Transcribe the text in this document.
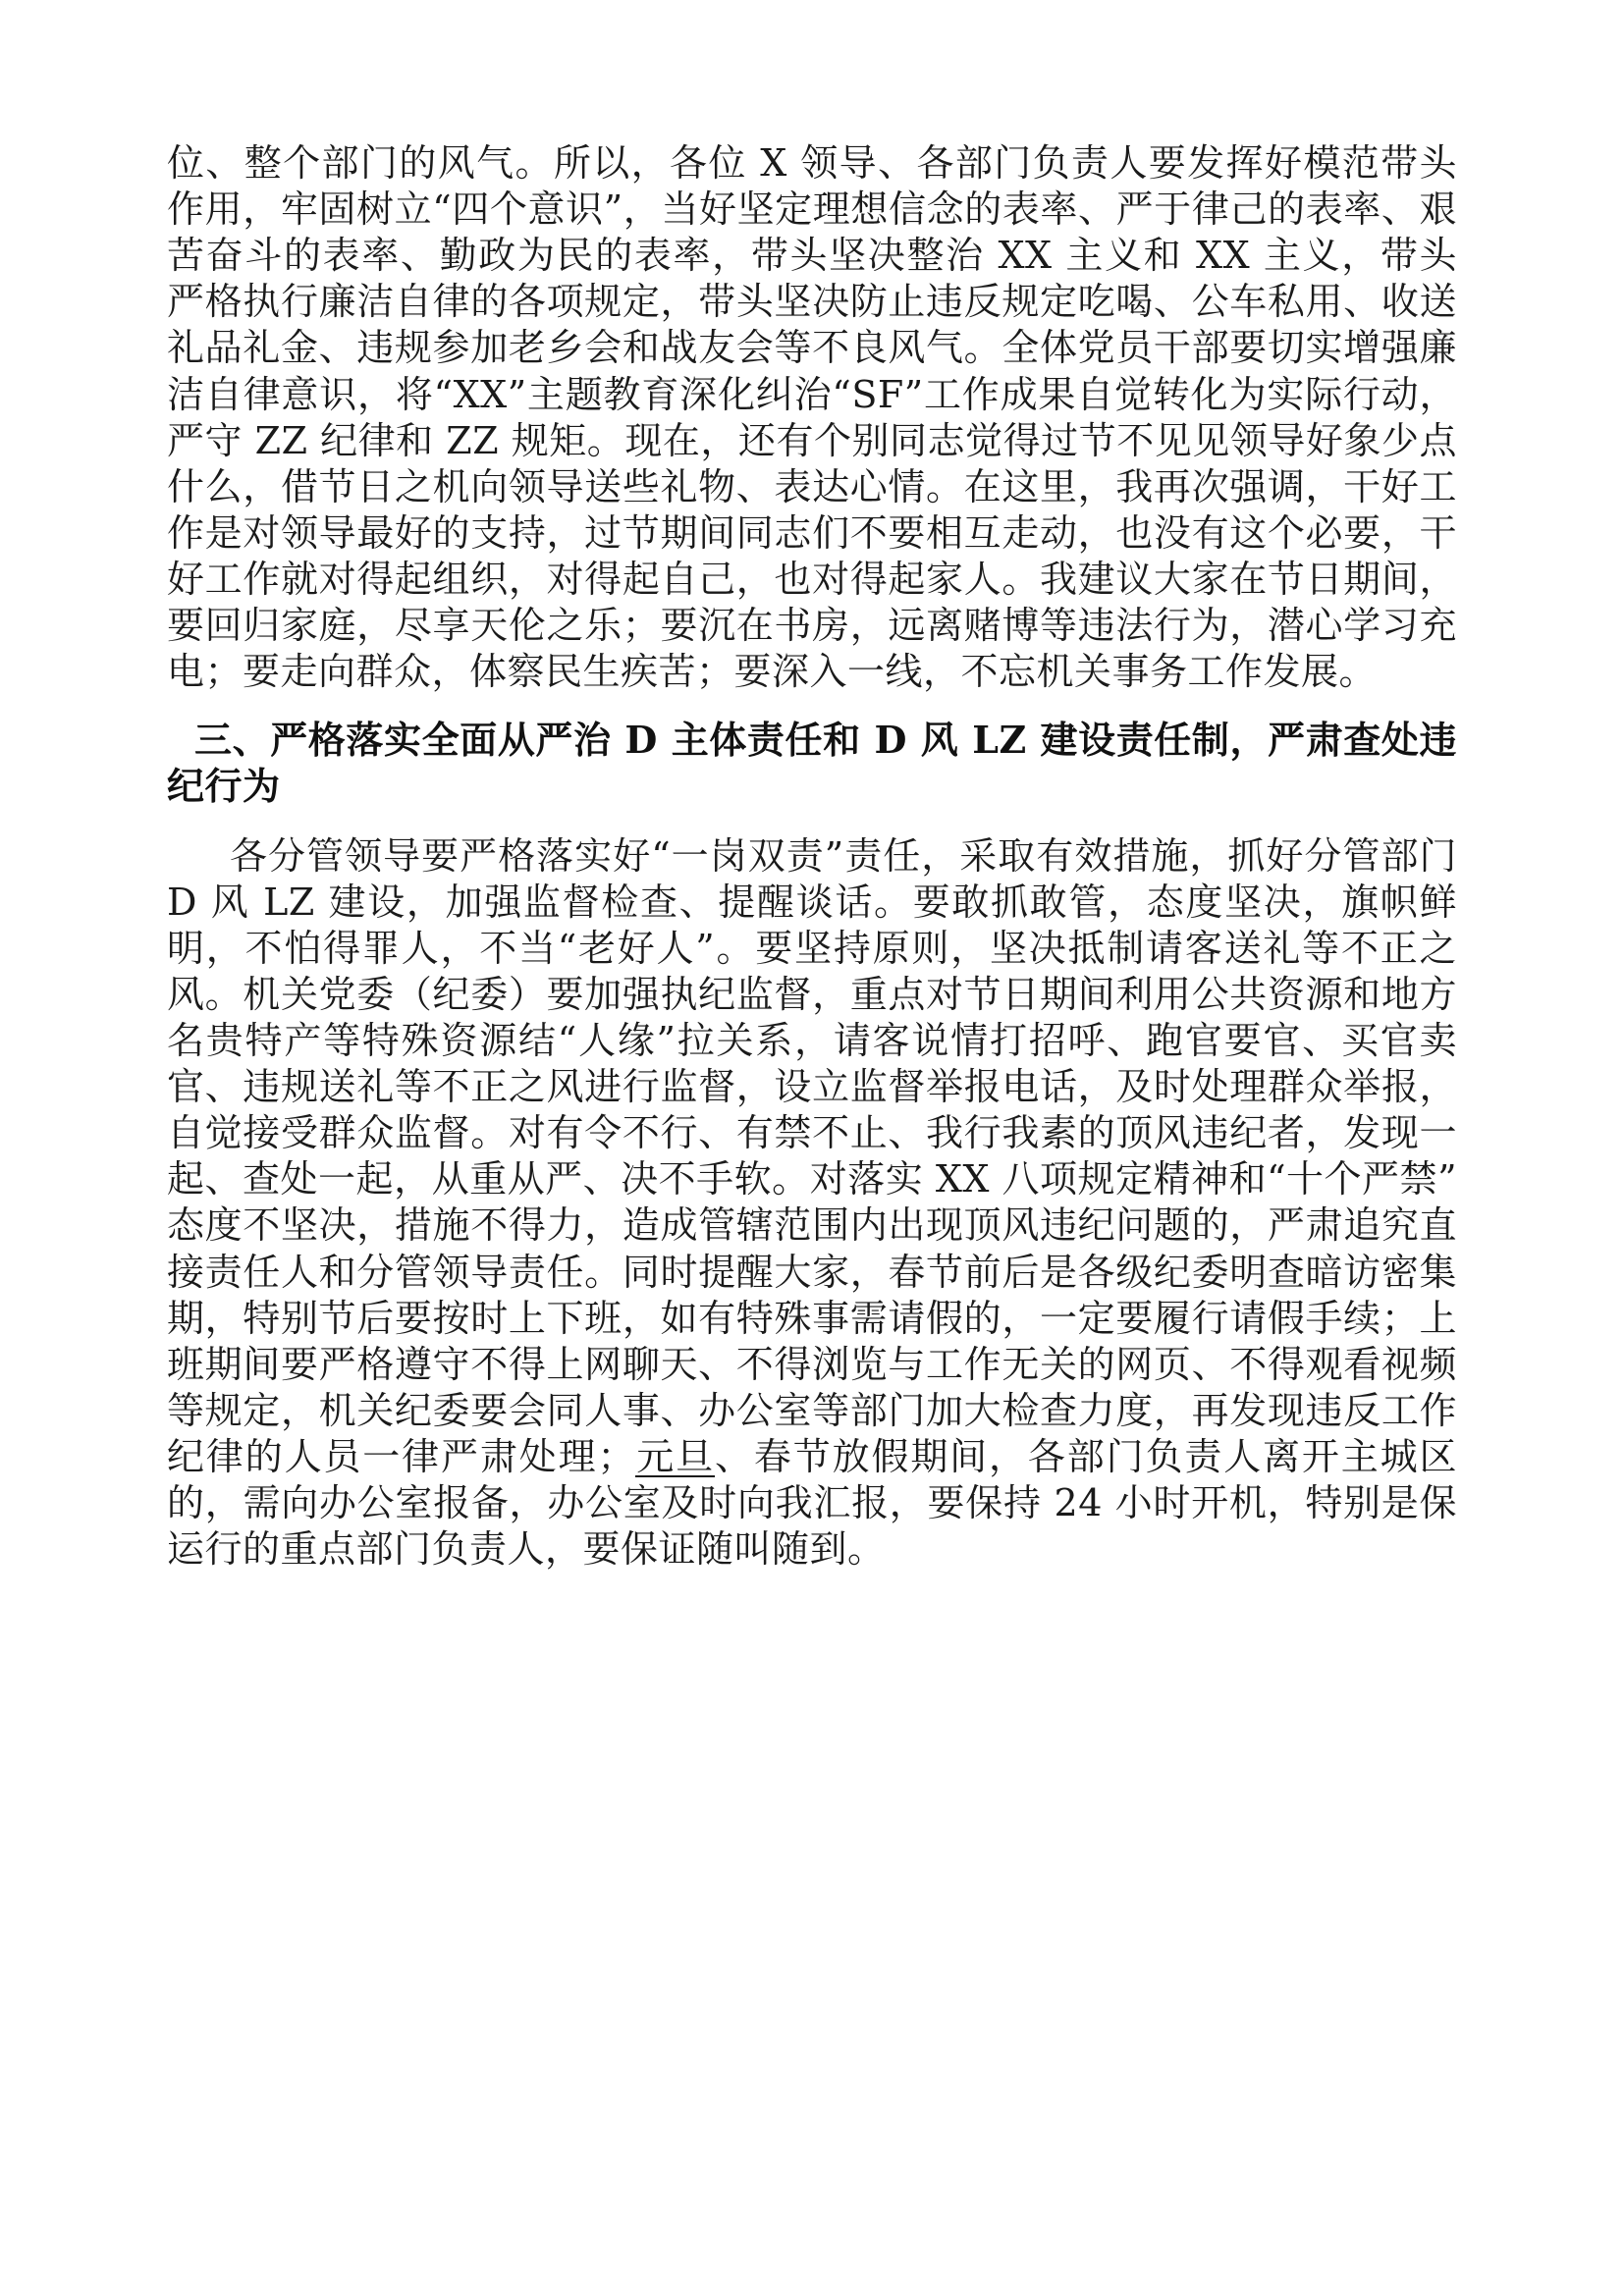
位、整个部门的风气。所以，各位 X 领导、各部门负责人要发挥好模范带头作用，牢固树立“四个意识”，当好坚定理想信念的表率、严于律己的表率、艰苦奋斗的表率、勤政为民的表率，带头坚决整治 XX 主义和 XX 主义，带头严格执行廉洁自律的各项规定，带头坚决防止违反规定吃喝、公车私用、收送礼品礼金、违规参加老乡会和战友会等不良风气。全体党员干部要切实增强廉洁自律意识，将“XX”主题教育深化纠治“SF”工作成果自觉转化为实际行动，严守 ZZ 纪律和 ZZ 规矩。现在，还有个别同志觉得过节不见见领导好象少点什么，借节日之机向领导送些礼物、表达心情。在这里，我再次强调，干好工作是对领导最好的支持，过节期间同志们不要相互走动，也没有这个必要，干好工作就对得起组织，对得起自己，也对得起家人。我建议大家在节日期间，要回归家庭，尽享天伦之乐；要沉在书房，远离赌博等违法行为，潜心学习充电；要走向群众，体察民生疾苦；要深入一线，不忘机关事务工作发展。

三、严格落实全面从严治 D 主体责任和 D 风 LZ 建设责任制，严肃查处违纪行为

各分管领导要严格落实好“一岗双责”责任，采取有效措施，抓好分管部门 D 风 LZ 建设，加强监督检查、提醒谈话。要敢抓敢管，态度坚决，旗帜鲜明，不怕得罪人，不当“老好人”。要坚持原则，坚决抵制请客送礼等不正之风。机关党委（纪委）要加强执纪监督，重点对节日期间利用公共资源和地方名贵特产等特殊资源结“人缘”拉关系，请客说情打招呼、跑官要官、买官卖官、违规送礼等不正之风进行监督，设立监督举报电话，及时处理群众举报，自觉接受群众监督。对有令不行、有禁不止、我行我素的顶风违纪者，发现一起、查处一起，从重从严、决不手软。对落实 XX 八项规定精神和“十个严禁”态度不坚决，措施不得力，造成管辖范围内出现顶风违纪问题的，严肃追究直接责任人和分管领导责任。同时提醒大家，春节前后是各级纪委明查暗访密集期，特别节后要按时上下班，如有特殊事需请假的，一定要履行请假手续；上班期间要严格遵守不得上网聊天、不得浏览与工作无关的网页、不得观看视频等规定，机关纪委要会同人事、办公室等部门加大检查力度，再发现违反工作纪律的人员一律严肃处理；元旦、春节放假期间，各部门负责人离开主城区的，需向办公室报备，办公室及时向我汇报，要保持 24 小时开机，特别是保运行的重点部门负责人，要保证随叫随到。
